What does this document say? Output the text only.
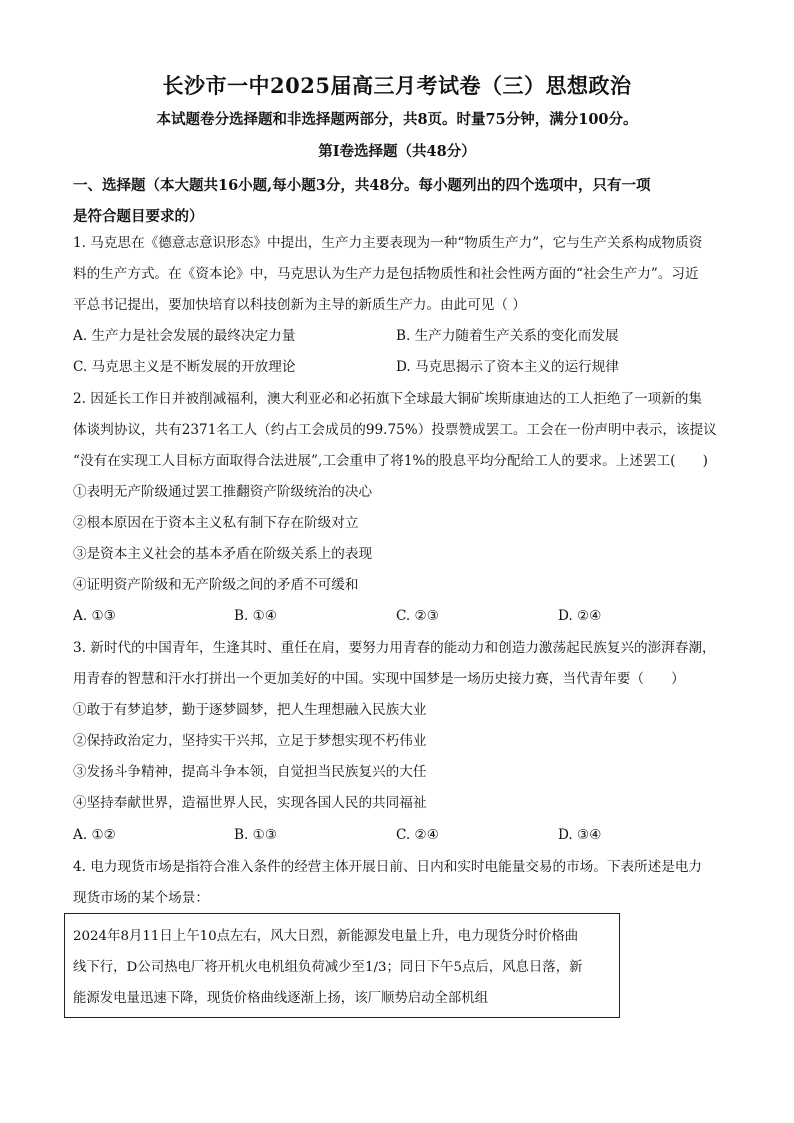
长沙市一中2025届高三月考试卷（三）思想政治
本试题卷分选择题和非选择题两部分，共8页。时量75分钟，满分100分。
第Ⅰ卷选择题（共48分）
一、选择题（本大题共16小题,每小题3分，共48分。每小题列出的四个选项中，只有一项
是符合题目要求的）
1. 马克思在《德意志意识形态》中提出，生产力主要表现为一种“物质生产力”，它与生产关系构成物质资
料的生产方式。在《资本论》中，马克思认为生产力是包括物质性和社会性两方面的“社会生产力”。习近
平总书记提出，要加快培育以科技创新为主导的新质生产力。由此可见（ ）
A. 生产力是社会发展的最终决定力量	B. 生产力随着生产关系的变化而发展
C. 马克思主义是不断发展的开放理论	D. 马克思揭示了资本主义的运行规律
2. 因延长工作日并被削减福利，澳大利亚必和必拓旗下全球最大铜矿埃斯康迪达的工人拒绝了一项新的集
体谈判协议，共有2371名工人（约占工会成员的99.75%）投票赞成罢工。工会在一份声明中表示，该提议
“没有在实现工人目标方面取得合法进展”,工会重申了将1%的股息平均分配给工人的要求。上述罢工(　　)
①表明无产阶级通过罢工推翻资产阶级统治的决心
②根本原因在于资本主义私有制下存在阶级对立
③是资本主义社会的基本矛盾在阶级关系上的表现
④证明资产阶级和无产阶级之间的矛盾不可缓和
A. ①③	B. ①④	C. ②③	D. ②④
3. 新时代的中国青年，生逢其时、重任在肩，要努力用青春的能动力和创造力激荡起民族复兴的澎湃春潮，
用青春的智慧和汗水打拼出一个更加美好的中国。实现中国梦是一场历史接力赛，当代青年要（　　）
①敢于有梦追梦，勤于逐梦圆梦，把人生理想融入民族大业
②保持政治定力，坚持实干兴邦，立足于梦想实现不朽伟业
③发扬斗争精神，提高斗争本领，自觉担当民族复兴的大任
④坚持奉献世界，造福世界人民，实现各国人民的共同福祉
A. ①②	B. ①③	C. ②④	D. ③④
4. 电力现货市场是指符合准入条件的经营主体开展日前、日内和实时电能量交易的市场。下表所述是电力
现货市场的某个场景：
2024年8月11日上午10点左右，风大日烈，新能源发电量上升，电力现货分时价格曲
线下行，D公司热电厂将开机火电机组负荷减少至1/3；同日下午5点后，风息日落，新
能源发电量迅速下降，现货价格曲线逐渐上扬，该厂顺势启动全部机组
